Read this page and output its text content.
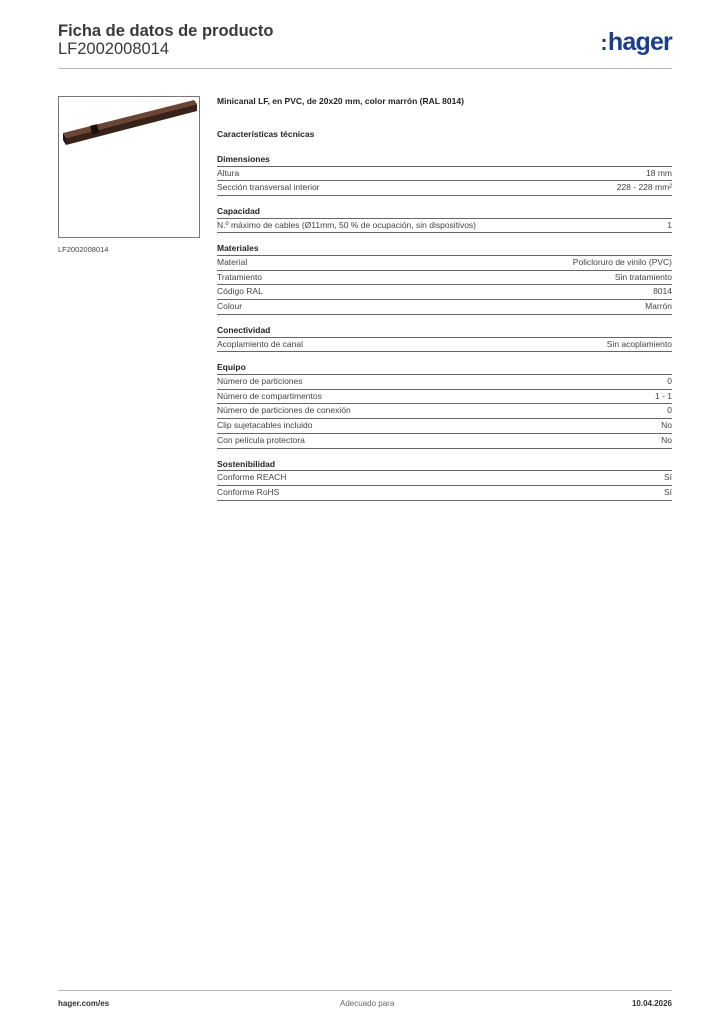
Ficha de datos de producto
LF2002008014	:hager
LF2002008014
Minicanal LF, en PVC, de 20x20 mm, color marrón (RAL 8014)
Características técnicas
Dimensiones
Altura	18 mm
Sección transversal interior	228 - 228 mm²
Capacidad
N.º máximo de cables (Ø11mm, 50 % de ocupación, sin dispositivos)	1
Materiales
Material	Policloruro de vinilo (PVC)
Tratamiento	Sin tratamiento
Código RAL	8014
Colour	Marrón
Conectividad
Acoplamiento de canal	Sin acoplamiento
Equipo
Número de particiones	0
Número de compartimentos	1 - 1
Número de particiones de conexión	0
Clip sujetacables incluido	No
Con película protectora	No
Sostenibilidad
Conforme REACH	Sí
Conforme RoHS	Sí
hager.com/es	Adecuado para	10.04.2026
